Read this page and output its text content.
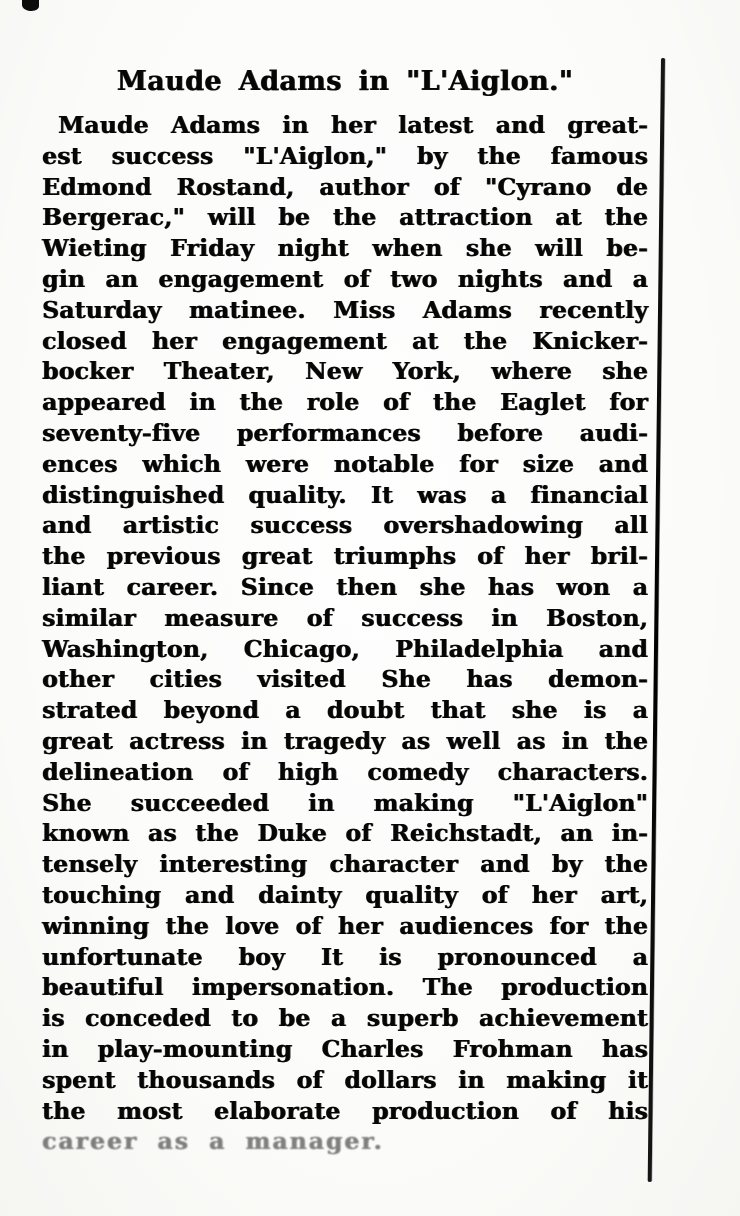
Maude Adams in "L'Aiglon."
Maude Adams in her latest and great-
est success "L'Aiglon," by the famous
Edmond Rostand, author of "Cyrano de
Bergerac," will be the attraction at the
Wieting Friday night when she will be-
gin an engagement of two nights and a
Saturday matinee. Miss Adams recently
closed her engagement at the Knicker-
bocker Theater, New York, where she
appeared in the role of the Eaglet for
seventy-five performances before audi-
ences which were notable for size and
distinguished quality. It was a financial
and artistic success overshadowing all
the previous great triumphs of her bril-
liant career. Since then she has won a
similar measure of success in Boston,
Washington, Chicago, Philadelphia and
other cities visited She has demon-
strated beyond a doubt that she is a
great actress in tragedy as well as in the
delineation of high comedy characters.
She succeeded in making "L'Aiglon"
known as the Duke of Reichstadt, an in-
tensely interesting character and by the
touching and dainty quality of her art,
winning the love of her audiences for the
unfortunate boy It is pronounced a
beautiful impersonation. The production
is conceded to be a superb achievement
in play-mounting Charles Frohman has
spent thousands of dollars in making it
the most elaborate production of his
career as a manager.
